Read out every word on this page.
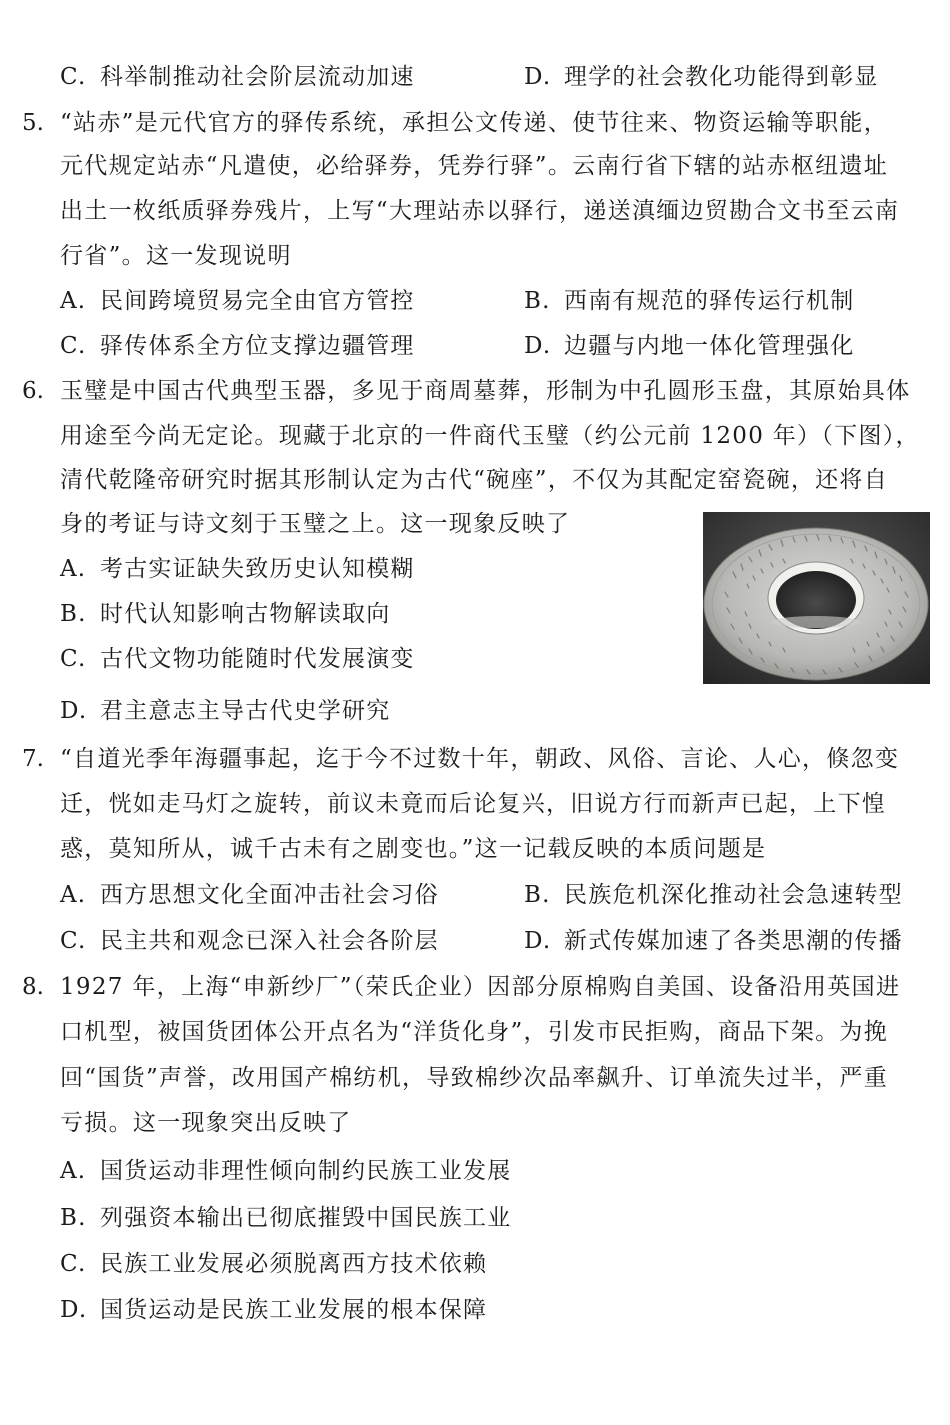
C. 科举制推动社会阶层流动加速	D. 理学的社会教化功能得到彰显
5. “站赤”是元代官方的驿传系统，承担公文传递、使节往来、物资运输等职能，
元代规定站赤“凡遣使，必给驿券，凭券行驿”。云南行省下辖的站赤枢纽遗址
出土一枚纸质驿券残片，上写“大理站赤以驿行，递送滇缅边贸勘合文书至云南
行省”。这一发现说明
A. 民间跨境贸易完全由官方管控	B. 西南有规范的驿传运行机制
C. 驿传体系全方位支撑边疆管理	D. 边疆与内地一体化管理强化
6. 玉璧是中国古代典型玉器，多见于商周墓葬，形制为中孔圆形玉盘，其原始具体
用途至今尚无定论。现藏于北京的一件商代玉璧（约公元前 1200 年）（下图），
清代乾隆帝研究时据其形制认定为古代“碗座”，不仅为其配定窑瓷碗，还将自
身的考证与诗文刻于玉璧之上。这一现象反映了
A. 考古实证缺失致历史认知模糊
B. 时代认知影响古物解读取向
C. 古代文物功能随时代发展演变
D. 君主意志主导古代史学研究
7. “自道光季年海疆事起，迄于今不过数十年，朝政、风俗、言论、人心，倏忽变
迁，恍如走马灯之旋转，前议未竟而后论复兴，旧说方行而新声已起，上下惶
惑，莫知所从，诚千古未有之剧变也。”这一记载反映的本质问题是
A. 西方思想文化全面冲击社会习俗	B. 民族危机深化推动社会急速转型
C. 民主共和观念已深入社会各阶层	D. 新式传媒加速了各类思潮的传播
8. 1927 年，上海“申新纱厂”（荣氏企业）因部分原棉购自美国、设备沿用英国进
口机型，被国货团体公开点名为“洋货化身”，引发市民拒购，商品下架。为挽
回“国货”声誉，改用国产棉纺机，导致棉纱次品率飙升、订单流失过半，严重
亏损。这一现象突出反映了
A. 国货运动非理性倾向制约民族工业发展
B. 列强资本输出已彻底摧毁中国民族工业
C. 民族工业发展必须脱离西方技术依赖
D. 国货运动是民族工业发展的根本保障
